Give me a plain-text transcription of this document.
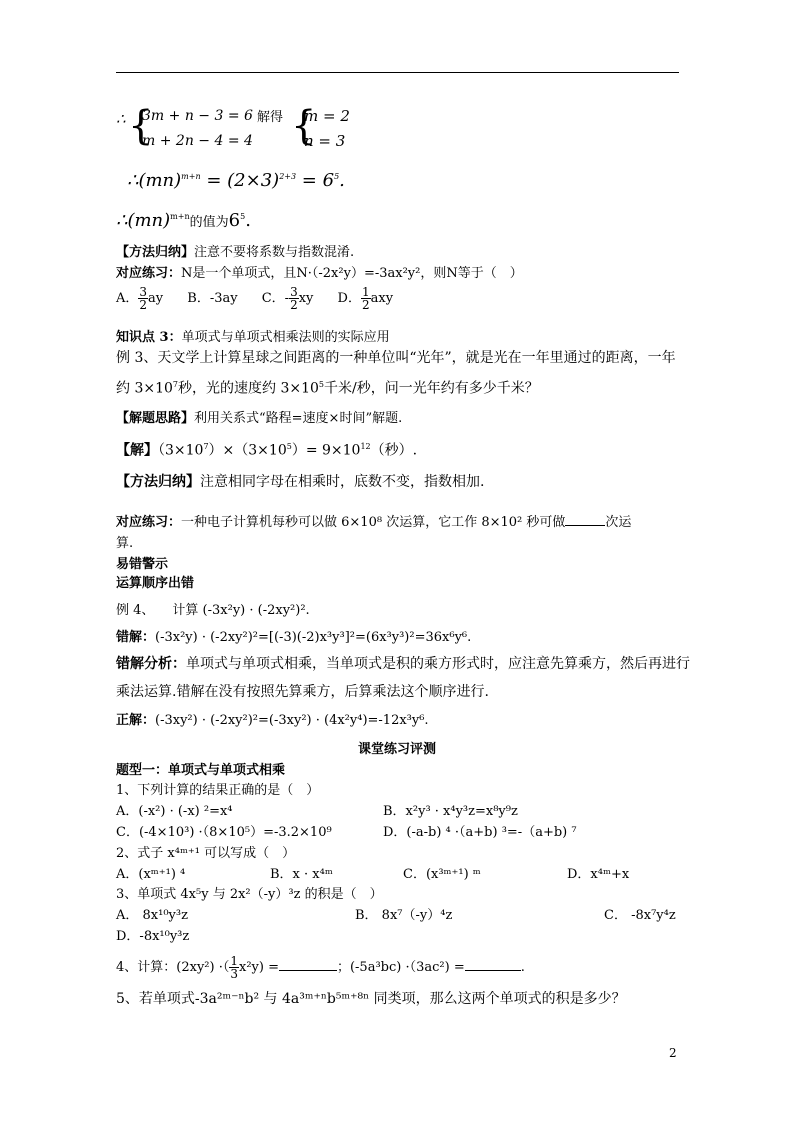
∴ {
3m + n − 3 = 6
m + 2n − 4 = 4
解得 {
m = 2
n = 3
∴(mn)$^{m+n}$ = $(2\times 3)^{2+3} = 6^5$.
∴(mn)$^{m+n}$的值为$6^5$.
【方法归纳】注意不要将系数与指数混淆.
对应练习：N是一个单项式，且N·（-2x²y）=-3ax²y²，则N等于（　）
A． $\frac{3}{2}$ ay B．-3ay C．- $\frac{3}{2}$ xy D． $\frac{1}{2}$ axy
知识点 3：单项式与单项式相乘法则的实际应用
例 3、天文学上计算星球之间距离的一种单位叫“光年”，就是光在一年里通过的距离，一年
约 $3\times 10^7$秒，光的速度约 $3\times 10^5$千米/秒，问一光年约有多少千米？
【解题思路】利用关系式“路程=速度×时间”解题.
【解】$(3\times 10^7)\times(3\times 10^5)= 9\times 10^{12}$（秒）.
【方法归纳】注意相同字母在相乘时，底数不变，指数相加.
对应练习：一种电子计算机每秒可以做 6×10⁸ 次运算，它工作 8×10² 秒可做	次运
算.
易错警示
运算顺序出错
例 4、 计算 (-3x²y) · (-2xy²)².
错解：(-3x²y) · (-2xy²)²=[(-3)(-2)x³y³]²=(6x³y³)²=36x⁶y⁶.
错解分析：单项式与单项式相乘，当单项式是积的乘方形式时，应注意先算乘方，然后再进行
乘法运算.错解在没有按照先算乘方，后算乘法这个顺序进行.
正解：(-3xy²) · (-2xy²)²=(-3xy²) · (4x²y⁴)=-12x³y⁶.
课堂练习评测
题型一：单项式与单项式相乘
1、下列计算的结果正确的是（　）
A．(-x²) · (-x) ²=x⁴	B．x²y³ · x⁴y³z=x⁸y⁹z
C．(-4×10³) ·（8×10⁵）=-3.2×10⁹	D．(-a-b) ⁴ ·（a+b) ³=-（a+b) ⁷
2、式子 x⁴ᵐ⁺¹ 可以写成（　）
A．(xᵐ⁺¹) ⁴	B．x · x⁴ᵐ	C．(x³ᵐ⁺¹) ᵐ	D．x⁴ᵐ+x
3、单项式 4x⁵y 与 2x²（-y）³z 的积是（　）
A． 8x¹⁰y³z	B． 8x⁷（-y）⁴z	C． -8x⁷y⁴z
D．-8x¹⁰y³z
4、计算：(2xy²) ·（ $\frac{1}{3} x^2y$) =	；(-5a³bc) ·（3ac²) =	.
5、若单项式-3a²ᵐ⁻ⁿb² 与 4a³ᵐ⁺ⁿb⁵ᵐ⁺⁸ⁿ 同类项，那么这两个单项式的积是多少？
2
